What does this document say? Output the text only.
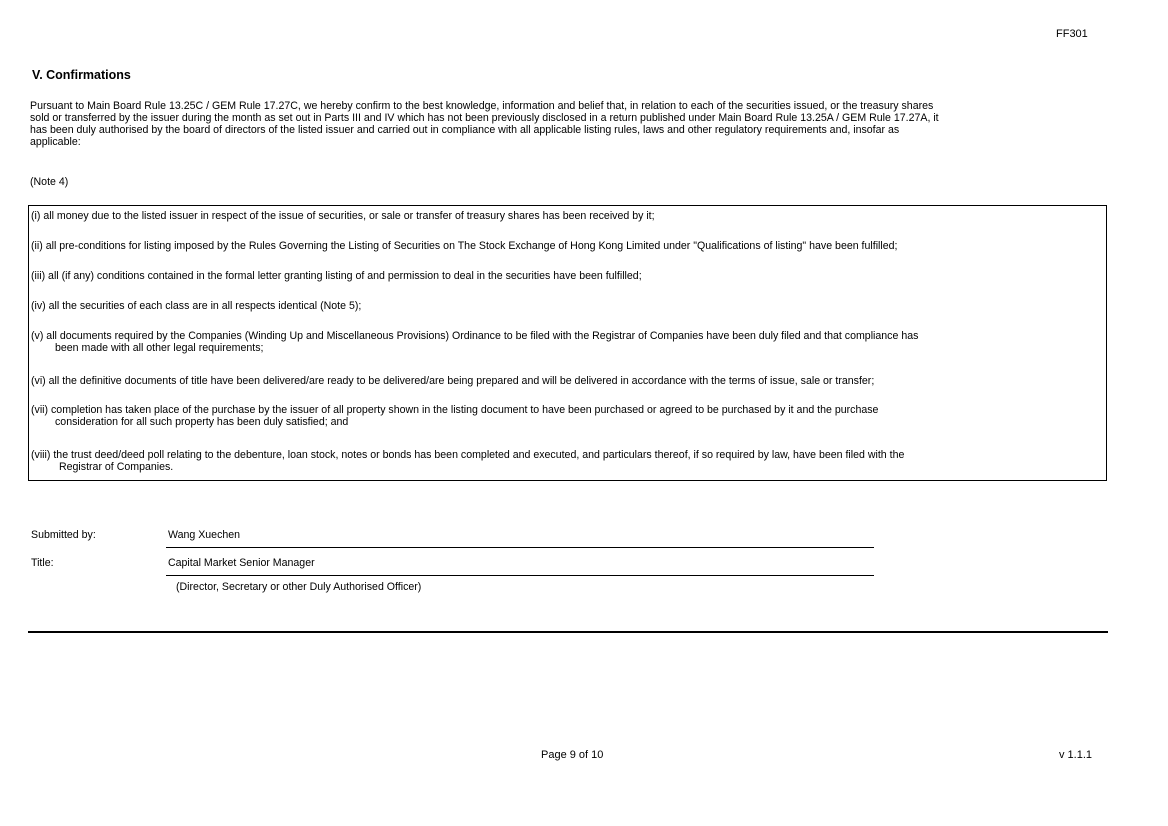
FF301
V. Confirmations
Pursuant to Main Board Rule 13.25C / GEM Rule 17.27C, we hereby confirm to the best knowledge, information and belief that, in relation to each of the securities issued, or the treasury shares
sold or transferred by the issuer during the month as set out in Parts III and IV which has not been previously disclosed in a return published under Main Board Rule 13.25A / GEM Rule 17.27A, it
has been duly authorised by the board of directors of the listed issuer and carried out in compliance with all applicable listing rules, laws and other regulatory requirements and, insofar as
applicable:
(Note 4)
(i) all money due to the listed issuer in respect of the issue of securities, or sale or transfer of treasury shares has been received by it;
(ii) all pre-conditions for listing imposed by the Rules Governing the Listing of Securities on The Stock Exchange of Hong Kong Limited under "Qualifications of listing" have been fulfilled;
(iii) all (if any) conditions contained in the formal letter granting listing of and permission to deal in the securities have been fulfilled;
(iv) all the securities of each class are in all respects identical (Note 5);
(v) all documents required by the Companies (Winding Up and Miscellaneous Provisions) Ordinance to be filed with the Registrar of Companies have been duly filed and that compliance has
been made with all other legal requirements;
(vi) all the definitive documents of title have been delivered/are ready to be delivered/are being prepared and will be delivered in accordance with the terms of issue, sale or transfer;
(vii) completion has taken place of the purchase by the issuer of all property shown in the listing document to have been purchased or agreed to be purchased by it and the purchase
consideration for all such property has been duly satisfied; and
(viii) the trust deed/deed poll relating to the debenture, loan stock, notes or bonds has been completed and executed, and particulars thereof, if so required by law, have been filed with the
Registrar of Companies.
Submitted by:	Wang Xuechen
Title:	Capital Market Senior Manager
(Director, Secretary or other Duly Authorised Officer)
Page 9 of 10	v 1.1.1
